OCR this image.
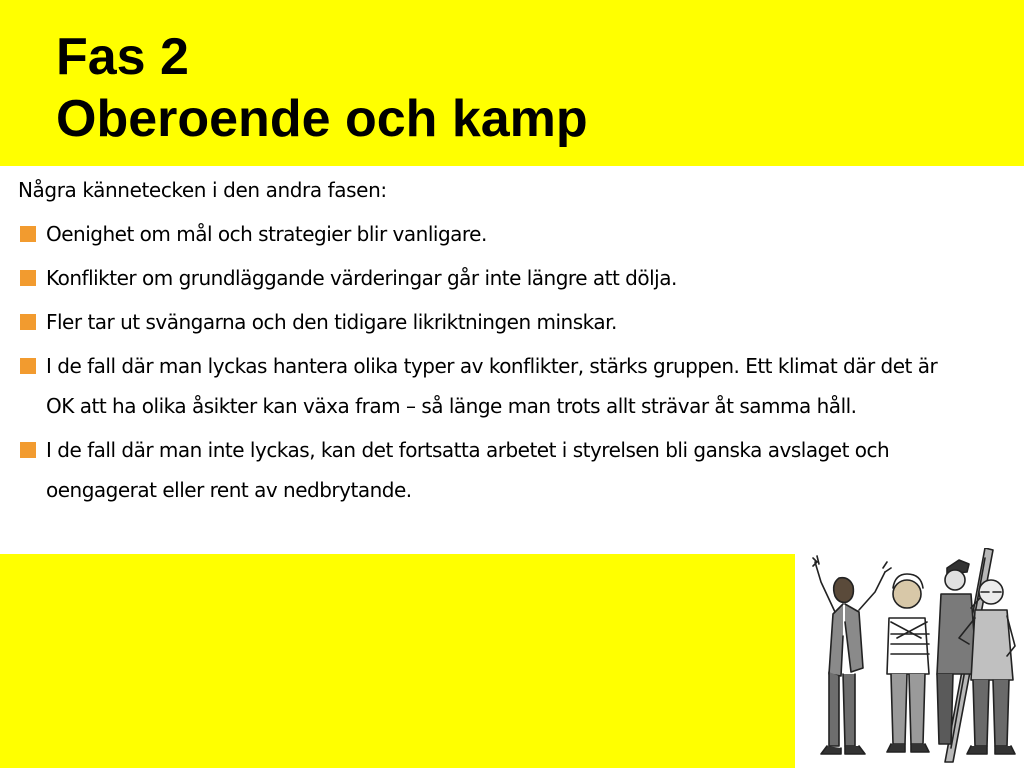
Fas 2
Oberoende och kamp
Några kännetecken i den andra fasen:
Oenighet om mål och strategier blir vanligare.
Konflikter om grundläggande värderingar går inte längre att dölja.
Fler tar ut svängarna och den tidigare likriktningen minskar.
I de fall där man lyckas hantera olika typer av konflikter, stärks gruppen. Ett klimat där det är OK att ha olika åsikter kan växa fram – så länge man trots allt strävar åt samma håll.
I de fall där man inte lyckas, kan det fortsatta arbetet i styrelsen bli ganska avslaget och oengagerat eller rent av nedbrytande.
